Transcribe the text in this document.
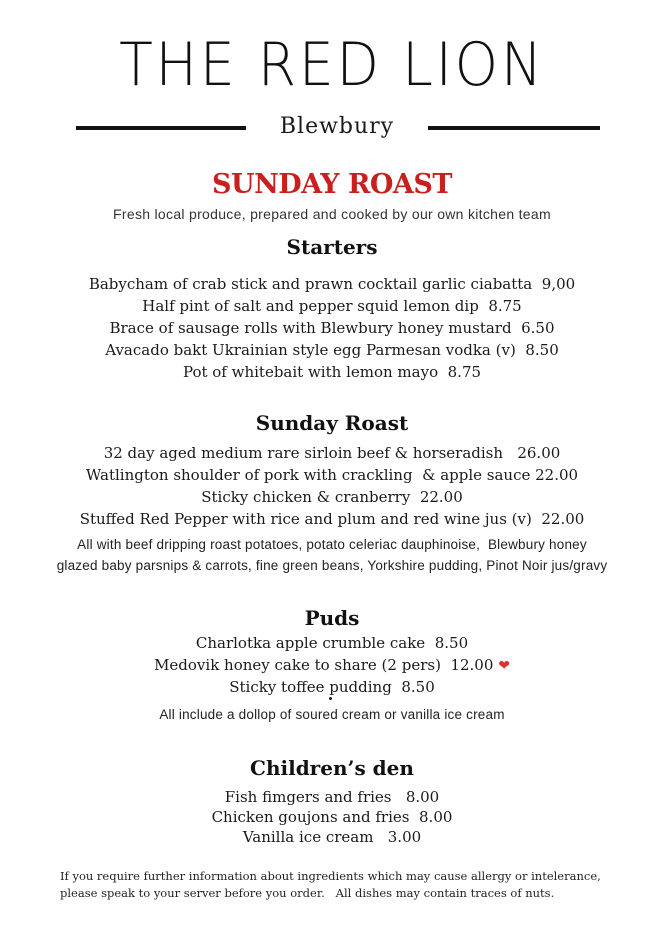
THE RED LION
Blewbury
SUNDAY ROAST
Fresh local produce, prepared and cooked by our own kitchen team
Starters
Babycham of crab stick and prawn cocktail garlic ciabatta  9,00
Half pint of salt and pepper squid lemon dip  8.75
Brace of sausage rolls with Blewbury honey mustard  6.50
Avacado bakt Ukrainian style egg Parmesan vodka (v)  8.50
Pot of whitebait with lemon mayo  8.75
Sunday Roast
32 day aged medium rare sirloin beef & horseradish   26.00
Watlington shoulder of pork with crackling  & apple sauce 22.00
Sticky chicken & cranberry  22.00
Stuffed Red Pepper with rice and plum and red wine jus (v)  22.00
All with beef dripping roast potatoes, potato celeriac dauphinoise,  Blewbury honey
glazed baby parsnips & carrots, fine green beans, Yorkshire pudding, Pinot Noir jus/gravy
Puds
Charlotka apple crumble cake  8.50
Medovik honey cake to share (2 pers)  12.00 ❤
Sticky toffee pudding  8.50
All include a dollop of soured cream or vanilla ice cream
Children’s den
Fish fimgers and fries   8.00
Chicken goujons and fries  8.00
Vanilla ice cream   3.00
If you require further information about ingredients which may cause allergy or intelerance,
please speak to your server before you order.   All dishes may contain traces of nuts.
